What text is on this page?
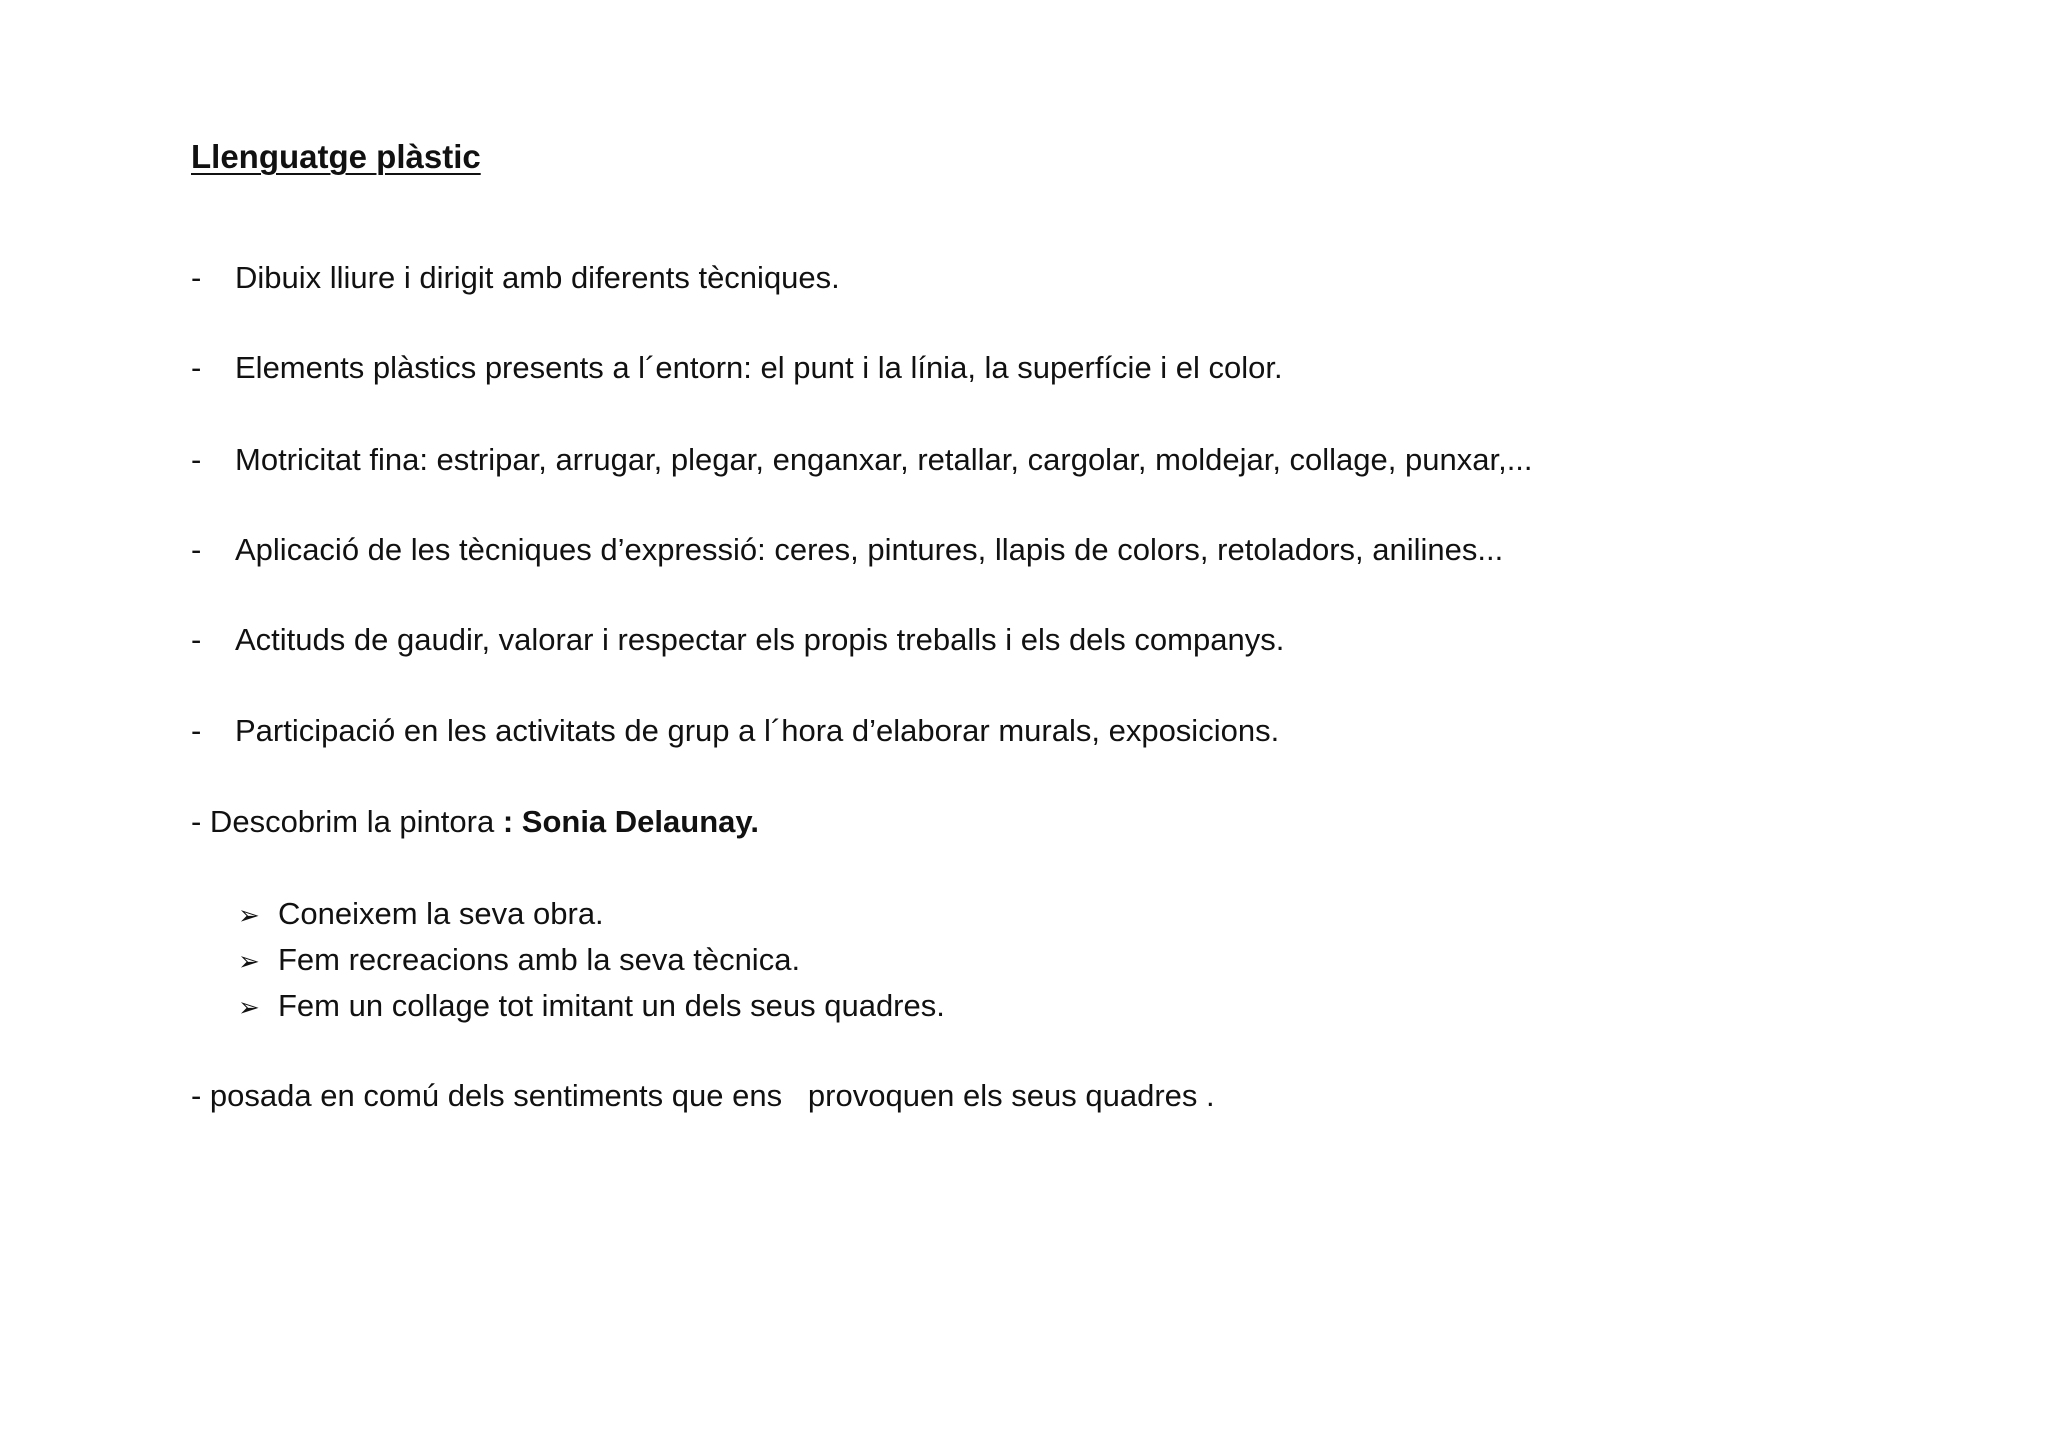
Llenguatge plàstic
- Dibuix lliure i dirigit amb diferents tècniques.
- Elements plàstics presents a l´entorn: el punt i la línia, la superfície i el color.
- Motricitat fina: estripar, arrugar, plegar, enganxar, retallar, cargolar, moldejar, collage, punxar,...
- Aplicació de les tècniques d’expressió: ceres, pintures, llapis de colors, retoladors, anilines...
- Actituds de gaudir, valorar i respectar els propis treballs i els dels companys.
- Participació en les activitats de grup a l´hora d’elaborar murals, exposicions.
- Descobrim la pintora : Sonia Delaunay.
➢ Coneixem la seva obra.
➢ Fem recreacions amb la seva tècnica.
➢ Fem un collage tot imitant un dels seus quadres.
- posada en comú dels sentiments que ens   provoquen els seus quadres .
